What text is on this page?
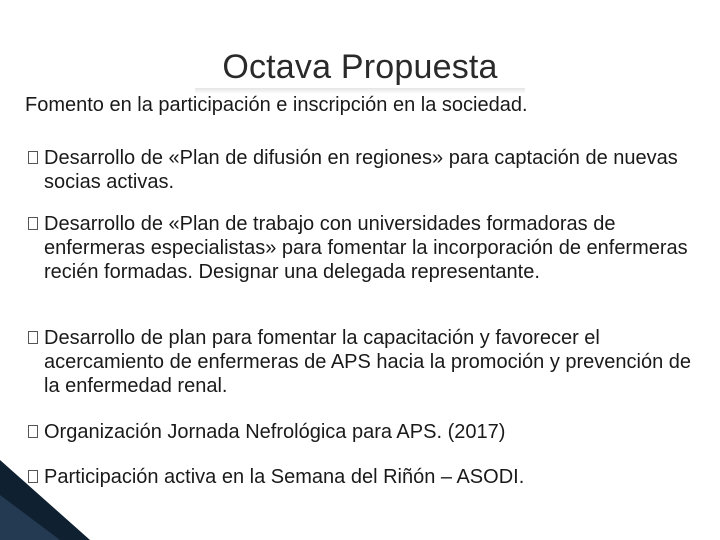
Octava Propuesta
Fomento en la participación e inscripción en la sociedad.
Desarrollo de «Plan de difusión en regiones» para captación de nuevas socias activas.
Desarrollo de «Plan de trabajo con universidades formadoras de enfermeras especialistas» para fomentar la incorporación de enfermeras recién formadas. Designar una delegada representante.
Desarrollo de plan para fomentar la capacitación y favorecer el acercamiento de enfermeras de APS hacia la promoción y prevención de la enfermedad renal.
Organización Jornada Nefrológica para APS. (2017)
Participación activa en la Semana del Riñón – ASODI.
